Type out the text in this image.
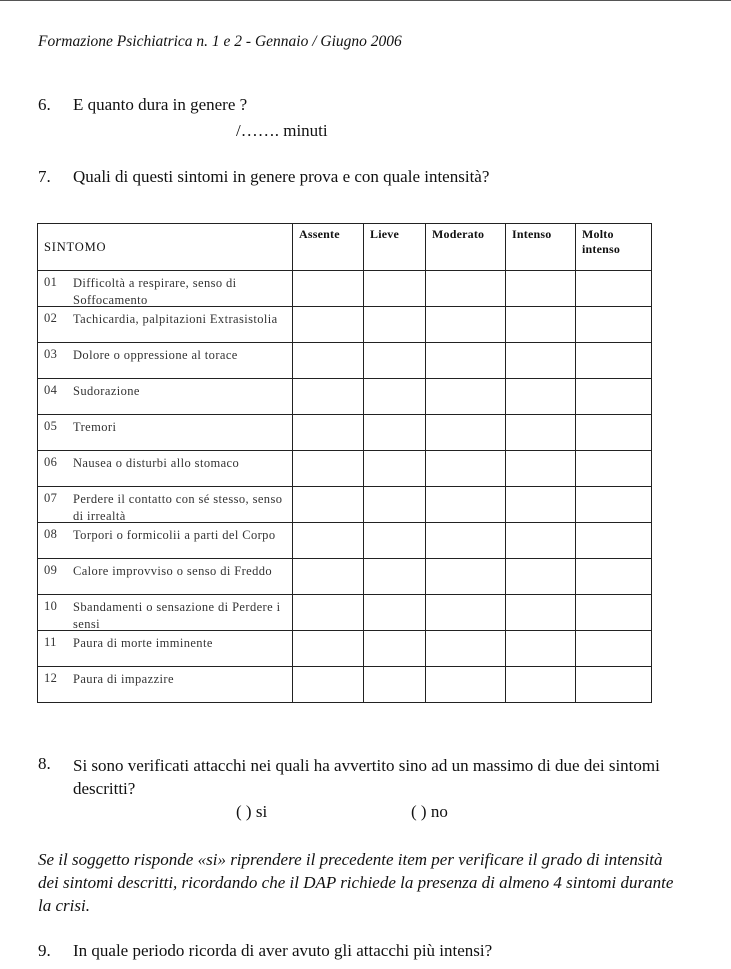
Formazione Psichiatrica n. 1 e 2 - Gennaio / Giugno 2006
6. E quanto dura in genere ?
/……. minuti
7. Quali di questi sintomi in genere prova e con quale intensità?
SINTOMO	Assente	Lieve	Moderato	Intenso	Molto intenso

01 Difficoltà a respirare, senso di Soffocamento					

02 Tachicardia, palpitazioni Extrasistolia					

03 Dolore o oppressione al torace					

04 Sudorazione					

05 Tremori					

06 Nausea o disturbi allo stomaco					

07 Perdere il contatto con sé stesso, senso di irrealtà					

08 Torpori o formicolii a parti del Corpo					

09 Calore improvviso o senso di Freddo					

10 Sbandamenti o sensazione di Perdere i sensi					

11 Paura di morte imminente					

12 Paura di impazzire					

8. Si sono verificati attacchi nei quali ha avvertito sino ad un massimo di due dei sintomi descritti?
( ) si	( ) no
Se il soggetto risponde «si» riprendere il precedente item per verificare il grado di intensità dei sintomi descritti, ricordando che il DAP richiede la presenza di almeno 4 sintomi durante la crisi.
9. In quale periodo ricorda di aver avuto gli attacchi più intensi?
